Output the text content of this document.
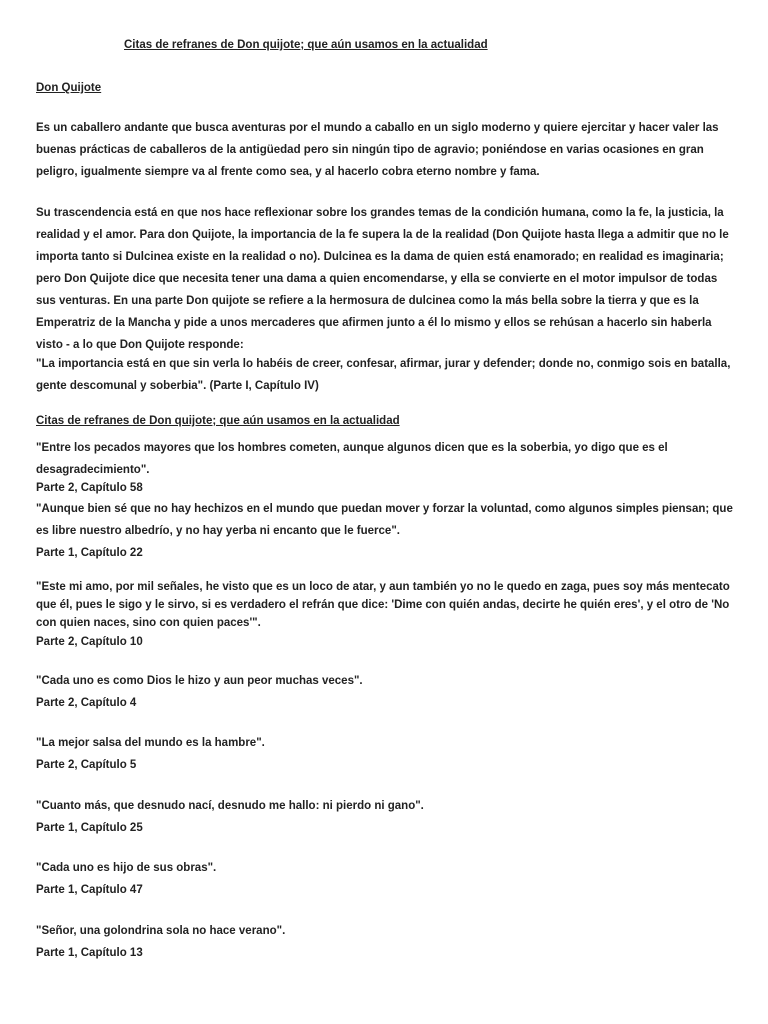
Citas de refranes de Don quijote; que aún usamos en la actualidad
Don Quijote

Es un caballero andante que busca aventuras por el mundo a caballo en un siglo moderno y quiere ejercitar y hacer valer las buenas prácticas de caballeros de la antigüedad pero sin ningún tipo de agravio; poniéndose en varias ocasiones en gran peligro, igualmente siempre va al frente como sea, y al hacerlo cobra eterno nombre y fama.

Su trascendencia está en que nos hace reflexionar sobre los grandes temas de la condición humana, como la fe, la justicia, la realidad y el amor. Para don Quijote, la importancia de la fe supera la de la realidad (Don Quijote hasta llega a admitir que no le importa tanto si Dulcinea existe en la realidad o no). Dulcinea es la dama de quien está enamorado; en realidad es imaginaria; pero Don Quijote dice que necesita tener una dama a quien encomendarse, y ella se convierte en el motor impulsor de todas sus venturas. En una parte Don quijote se refiere a la hermosura de dulcinea como la más bella sobre la tierra y que es la Emperatriz de la Mancha y pide a unos mercaderes que afirmen junto a él lo mismo y ellos se rehúsan a hacerlo sin haberla visto - a lo que Don Quijote responde:

"La importancia está en que sin verla lo habéis de creer, confesar, afirmar, jurar y defender; donde no, conmigo sois en batalla, gente descomunal y soberbia". (Parte I, Capítulo IV)

Citas de refranes de Don quijote; que aún usamos en la actualidad
"Entre los pecados mayores que los hombres cometen, aunque algunos dicen que es la soberbia, yo digo que es el desagradecimiento".
Parte 2, Capítulo 58
"Aunque bien sé que no hay hechizos en el mundo que puedan mover y forzar la voluntad, como algunos simples piensan; que es libre nuestro albedrío, y no hay yerba ni encanto que le fuerce".
Parte 1, Capítulo 22
"Este mi amo, por mil señales, he visto que es un loco de atar, y aun también yo no le quedo en zaga, pues soy más mentecato que él, pues le sigo y le sirvo, si es verdadero el refrán que dice: 'Dime con quién andas, decirte he quién eres', y el otro de 'No con quien naces, sino con quien paces'".
Parte 2, Capítulo 10
"Cada uno es como Dios le hizo y aun peor muchas veces".
Parte 2, Capítulo 4
"La mejor salsa del mundo es la hambre".
Parte 2, Capítulo 5
"Cuanto más, que desnudo nací, desnudo me hallo: ni pierdo ni gano".
Parte 1, Capítulo 25
"Cada uno es hijo de sus obras".
Parte 1, Capítulo 47
"Señor, una golondrina sola no hace verano".
Parte 1, Capítulo 13
